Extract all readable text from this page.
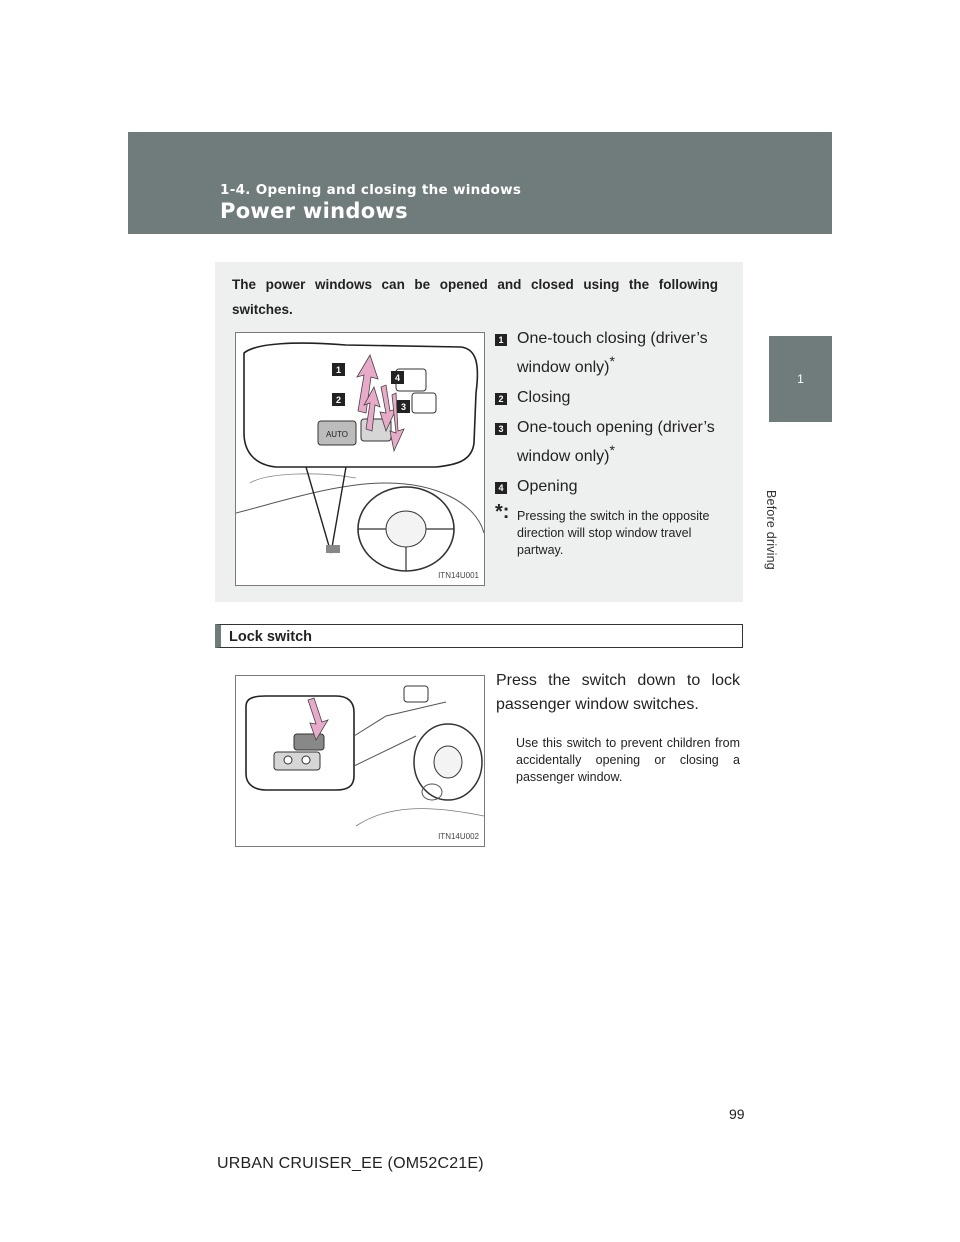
1-4. Opening and closing the windows
Power windows
1
Before driving
The power windows can be opened and closed using the following switches.
AUTO
1
2
3
4
ITN14U001
1 One-touch closing (driver’s window only)*
2 Closing
3 One-touch opening (driver’s window only)*
4 Opening
*: Pressing the switch in the opposite direction will stop window travel partway.
Lock switch
ITN14U002
Press the switch down to lock passenger window switches.
Use this switch to prevent children from accidentally opening or closing a passenger window.
99
URBAN CRUISER_EE (OM52C21E)
